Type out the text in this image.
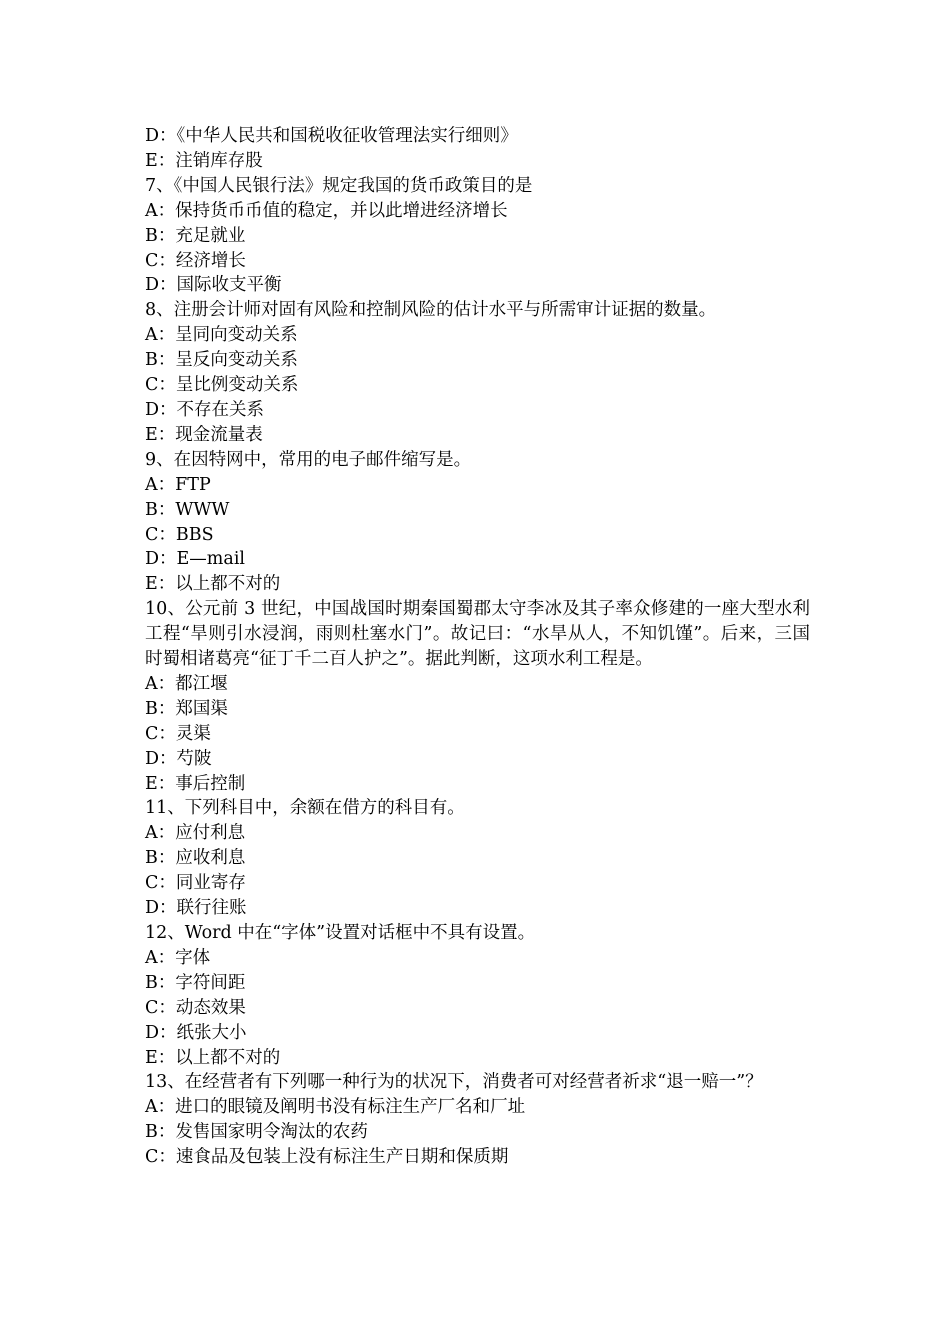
D：《中华人民共和国税收征收管理法实行细则》

E：注销库存股

7、《中国人民银行法》规定我国的货币政策目的是

A：保持货币币值的稳定，并以此增进经济增长

B：充足就业

C：经济增长

D：国际收支平衡

8、注册会计师对固有风险和控制风险的估计水平与所需审计证据的数量。

A：呈同向变动关系

B：呈反向变动关系

C：呈比例变动关系

D：不存在关系

E：现金流量表

9、在因特网中，常用的电子邮件缩写是。

A：FTP

B：WWW

C：BBS

D：E—mail

E：以上都不对的

10、公元前 3 世纪，中国战国时期秦国蜀郡太守李冰及其子率众修建的一座大型水利工程“旱则引水浸润，雨则杜塞水门”。故记曰：“水旱从人，不知饥馑”。后来，三国时蜀相诸葛亮“征丁千二百人护之”。据此判断，这项水利工程是。

A：都江堰

B：郑国渠

C：灵渠

D：芍陂

E：事后控制

11、下列科目中，余额在借方的科目有。

A：应付利息

B：应收利息

C：同业寄存

D：联行往账

12、Word 中在“字体”设置对话框中不具有设置。

A：字体

B：字符间距

C：动态效果

D：纸张大小

E：以上都不对的

13、在经营者有下列哪一种行为的状况下，消费者可对经营者祈求“退一赔一”？

A：进口的眼镜及阐明书没有标注生产厂名和厂址

B：发售国家明令淘汰的农药

C：速食品及包装上没有标注生产日期和保质期
